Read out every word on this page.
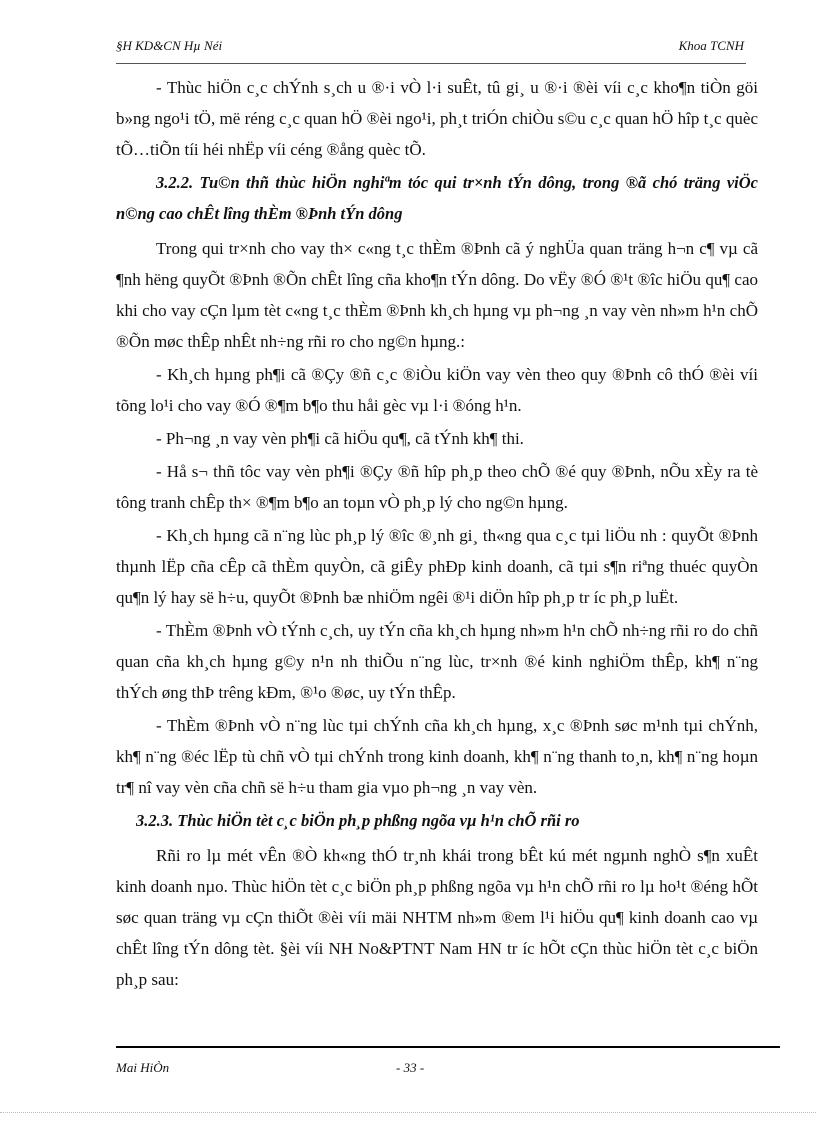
§H KD&CN Hµ Néi	Khoa TCNH

- Thùc hiÖn c¸c chÝnh s¸ch u ®·i vÒ l·i suÊt, tû gi¸ u ®·i ®èi víi c¸c kho¶n tiÒn göi b»ng ngo¹i tÖ, më réng c¸c quan hÖ ®èi ngo¹i, ph¸t triÓn chiÒu s©u c¸c quan hÖ hîp t¸c quèc tÕ…tiÕn tíi héi nhËp víi céng ®ång quèc tÕ.

3.2.2. Tu©n thñ thùc hiÖn nghiªm tóc qui tr×nh tÝn dông, trong ®ã chó träng viÖc n©ng cao chÊt lîng thÈm ®Þnh tÝn dông

Trong qui tr×nh cho vay th× c«ng t¸c thÈm ®Þnh cã ý nghÜa quan träng h¬n c¶ vµ cã ¶nh hëng quyÕt ®Þnh ®Õn chÊt lîng cña kho¶n tÝn dông. Do vËy ®Ó ®¹t ®îc hiÖu qu¶ cao khi cho vay cÇn lµm tèt c«ng t¸c thÈm ®Þnh kh¸ch hµng vµ ph¬ng ¸n vay vèn nh»m h¹n chÕ ®Õn møc thÊp nhÊt nh÷ng rñi ro cho ng©n hµng.:

- Kh¸ch hµng ph¶i cã ®Çy ®ñ c¸c ®iÒu kiÖn vay vèn theo quy ®Þnh cô thÓ ®èi víi tõng lo¹i cho vay ®Ó ®¶m b¶o thu håi gèc vµ l·i ®óng h¹n.

- Ph¬ng ¸n vay vèn ph¶i cã hiÖu qu¶, cã tÝnh kh¶ thi.

- Hå s¬ thñ tôc vay vèn ph¶i ®Çy ®ñ hîp ph¸p theo chÕ ®é quy ®Þnh, nÕu xÈy ra tè tông tranh chÊp th× ®¶m b¶o an toµn vÒ ph¸p lý cho ng©n hµng.

- Kh¸ch hµng cã n¨ng lùc ph¸p lý ®îc ®¸nh gi¸ th«ng qua c¸c tµi liÖu nh : quyÕt ®Þnh thµnh lËp cña cÊp cã thÈm quyÒn, cã giÊy phÐp kinh doanh, cã tµi s¶n riªng thuéc quyÒn qu¶n lý hay së h÷u, quyÕt ®Þnh bæ nhiÖm ngêi ®¹i diÖn hîp ph¸p tr íc ph¸p luËt.

- ThÈm ®Þnh vÒ tÝnh c¸ch, uy tÝn cña kh¸ch hµng nh»m h¹n chÕ nh÷ng rñi ro do chñ quan cña kh¸ch hµng g©y n¹n nh thiÕu n¨ng lùc, tr×nh ®é kinh nghiÖm thÊp, kh¶ n¨ng thÝch øng thÞ trêng kÐm, ®¹o ®øc, uy tÝn thÊp.

- ThÈm ®Þnh vÒ n¨ng lùc tµi chÝnh cña kh¸ch hµng, x¸c ®Þnh søc m¹nh tµi chÝnh, kh¶ n¨ng ®éc lËp tù chñ vÒ tµi chÝnh trong kinh doanh, kh¶ n¨ng thanh to¸n, kh¶ n¨ng hoµn tr¶ nî vay vèn cña chñ së h÷u tham gia vµo ph¬ng ¸n vay vèn.

3.2.3. Thùc hiÖn tèt c¸c biÖn ph¸p phßng ngõa vµ h¹n chÕ rñi ro

Rñi ro lµ mét vÊn ®Ò kh«ng thÓ tr¸nh khái trong bÊt kú mét ngµnh nghÒ s¶n xuÊt kinh doanh nµo. Thùc hiÖn tèt c¸c biÖn ph¸p phßng ngõa vµ h¹n chÕ rñi ro lµ ho¹t ®éng hÕt søc quan träng vµ cÇn thiÕt ®èi víi mäi NHTM nh»m ®em l¹i hiÖu qu¶ kinh doanh cao vµ chÊt lîng tÝn dông tèt. §èi víi NH No&PTNT Nam HN tr íc hÕt cÇn thùc hiÖn tèt c¸c biÖn ph¸p sau:

Mai HiÒn	- 33 -
